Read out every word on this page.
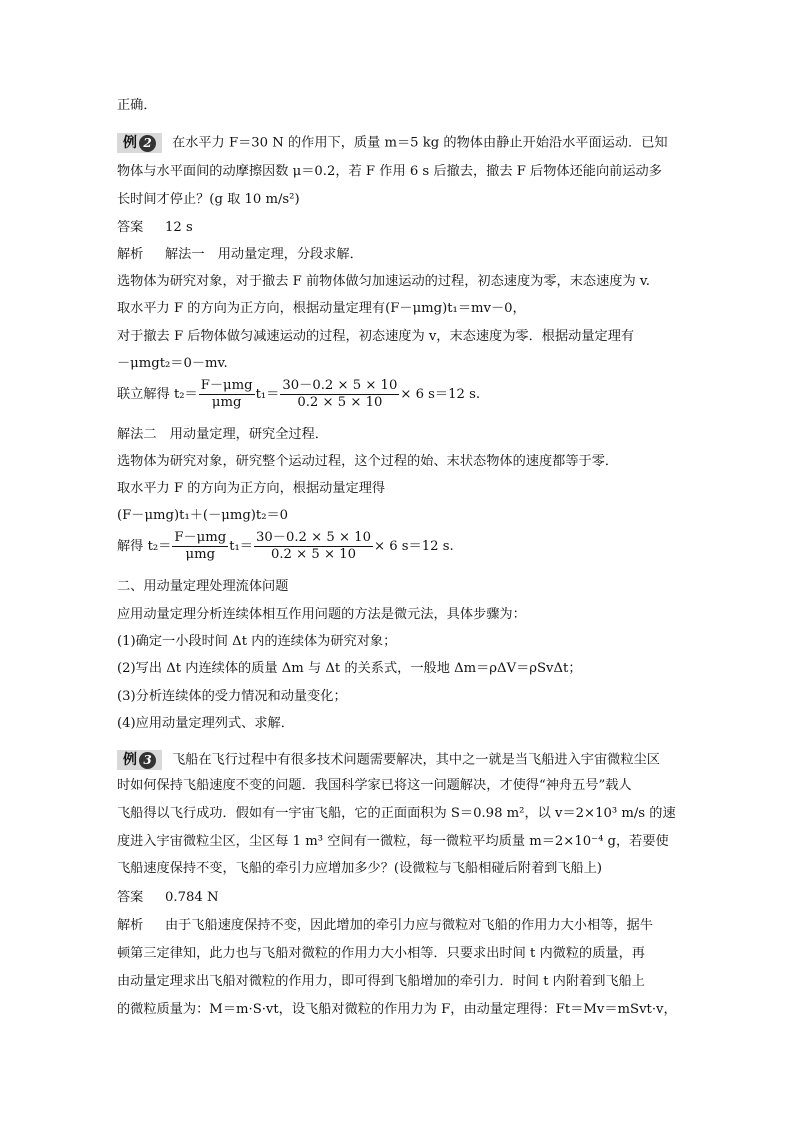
正确．
例 2 在水平力 F＝30 N 的作用下，质量 m＝5 kg 的物体由静止开始沿水平面运动．已知
物体与水平面间的动摩擦因数 μ＝0.2，若 F 作用 6 s 后撤去，撤去 F 后物体还能向前运动多
长时间才停止？(g 取 10 m/s²)
答案 12 s
解析 解法一　用动量定理，分段求解．
选物体为研究对象，对于撤去 F 前物体做匀加速运动的过程，初态速度为零，末态速度为 v.
取水平力 F 的方向为正方向，根据动量定理有(F－μmg)t₁＝mv－0，
对于撤去 F 后物体做匀减速运动的过程，初态速度为 v，末态速度为零．根据动量定理有
－μmgt₂＝0－mv.
联立解得 $t_2= \frac{\text{F－μmg}}{\text{μmg}} t_1= \frac{30-0.2 \times 5 \times 10}{0.2 \times 5 \times 10} \times 6$ s＝12 s.
解法二　用动量定理，研究全过程．
选物体为研究对象，研究整个运动过程，这个过程的始、末状态物体的速度都等于零．
取水平力 F 的方向为正方向，根据动量定理得
(F－μmg)t₁＋(－μmg)t₂＝0
解得 $t_2= \frac{\text{F－μmg}}{\text{μmg}} t_1= \frac{30-0.2 \times 5 \times 10}{0.2 \times 5 \times 10} \times 6$ s＝12 s.
二、用动量定理处理流体问题
应用动量定理分析连续体相互作用问题的方法是微元法，具体步骤为：
(1)确定一小段时间 Δt 内的连续体为研究对象；
(2)写出 Δt 内连续体的质量 Δm 与 Δt 的关系式，一般地 Δm＝ρΔV＝ρSvΔt；
(3)分析连续体的受力情况和动量变化；
(4)应用动量定理列式、求解．
例 3 飞船在飞行过程中有很多技术问题需要解决，其中之一就是当飞船进入宇宙微粒尘区
时如何保持飞船速度不变的问题．我国科学家已将这一问题解决，才使得“神舟五号”载人
飞船得以飞行成功．假如有一宇宙飞船，它的正面面积为 S＝0.98 m²，以 v＝2×10³ m/s 的速
度进入宇宙微粒尘区，尘区每 1 m³ 空间有一微粒，每一微粒平均质量 m＝2×10⁻⁴ g，若要使
飞船速度保持不变，飞船的牵引力应增加多少？(设微粒与飞船相碰后附着到飞船上)
答案 0.784 N
解析 由于飞船速度保持不变，因此增加的牵引力应与微粒对飞船的作用力大小相等，据牛
顿第三定律知，此力也与飞船对微粒的作用力大小相等．只要求出时间 t 内微粒的质量，再
由动量定理求出飞船对微粒的作用力，即可得到飞船增加的牵引力．时间 t 内附着到飞船上
的微粒质量为：M＝m·S·vt，设飞船对微粒的作用力为 F，由动量定理得：Ft＝Mv＝mSvt·v，
